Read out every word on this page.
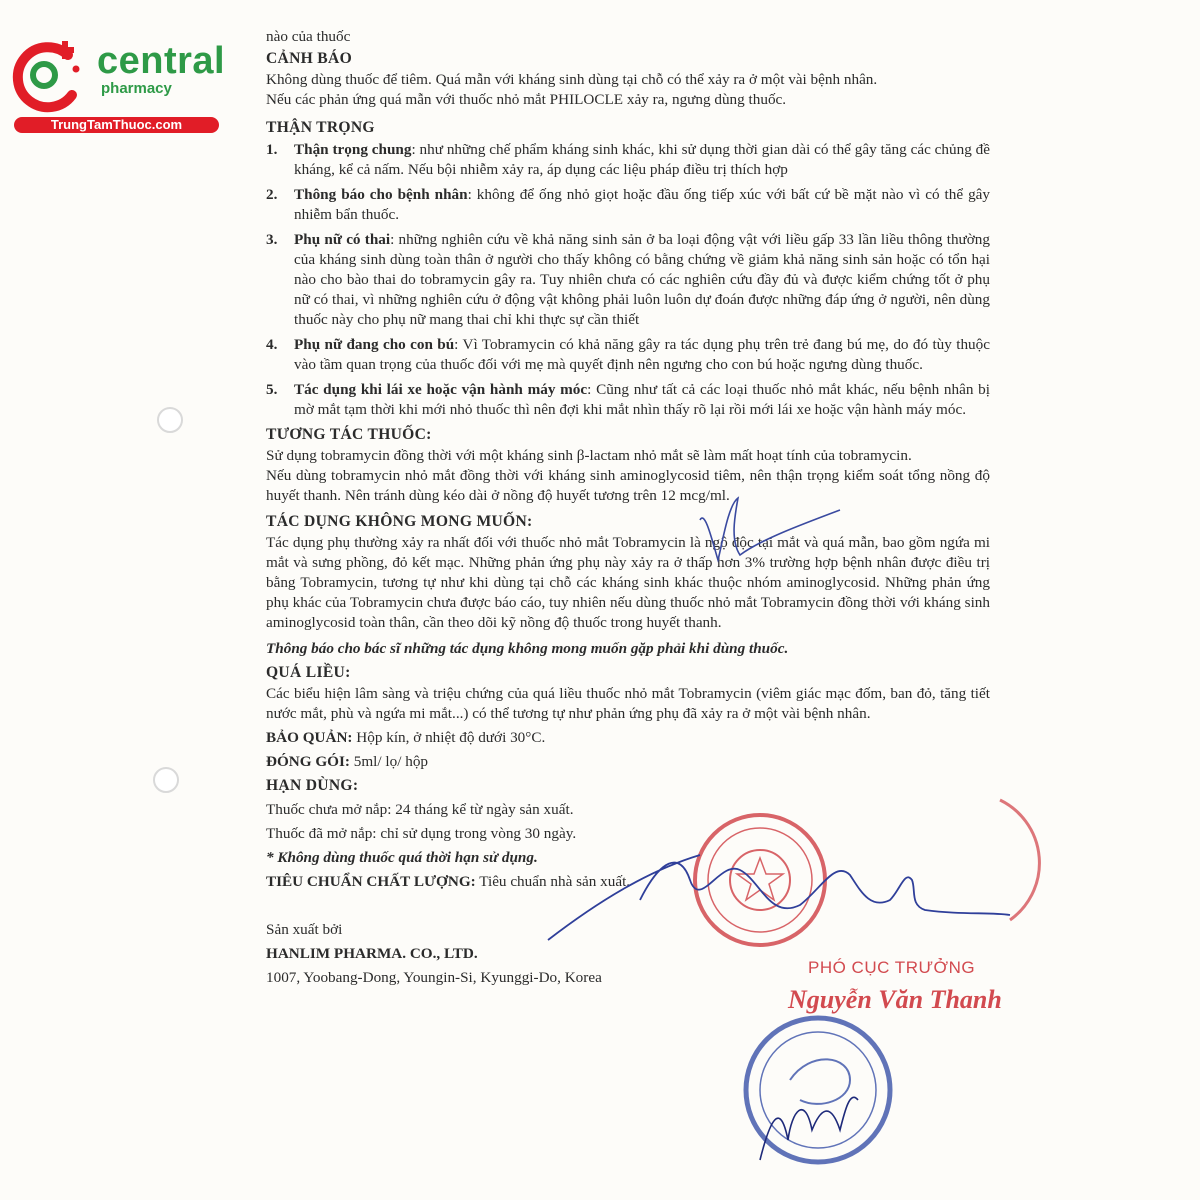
central
pharmacy
TrungTamThuoc.com

nào của thuốc

CẢNH BÁO

Không dùng thuốc để tiêm. Quá mẫn với kháng sinh dùng tại chỗ có thể xảy ra ở một vài bệnh nhân.

Nếu các phản ứng quá mẫn với thuốc nhỏ mắt PHILOCLE xảy ra, ngưng dùng thuốc.

THẬN TRỌNG
1. Thận trọng chung: như những chế phẩm kháng sinh khác, khi sử dụng thời gian dài có thể gây tăng các chủng đề kháng, kể cả nấm. Nếu bội nhiễm xảy ra, áp dụng các liệu pháp điều trị thích hợp
2. Thông báo cho bệnh nhân: không để ống nhỏ giọt hoặc đầu ống tiếp xúc với bất cứ bề mặt nào vì có thể gây nhiễm bẩn thuốc.
3. Phụ nữ có thai: những nghiên cứu về khả năng sinh sản ở ba loại động vật với liều gấp 33 lần liều thông thường của kháng sinh dùng toàn thân ở người cho thấy không có bằng chứng về giảm khả năng sinh sản hoặc có tổn hại nào cho bào thai do tobramycin gây ra. Tuy nhiên chưa có các nghiên cứu đầy đủ và được kiểm chứng tốt ở phụ nữ có thai, vì những nghiên cứu ở động vật không phải luôn luôn dự đoán được những đáp ứng ở người, nên dùng thuốc này cho phụ nữ mang thai chỉ khi thực sự cần thiết
4. Phụ nữ đang cho con bú: Vì Tobramycin có khả năng gây ra tác dụng phụ trên trẻ đang bú mẹ, do đó tùy thuộc vào tầm quan trọng của thuốc đối với mẹ mà quyết định nên ngưng cho con bú hoặc ngưng dùng thuốc.
5. Tác dụng khi lái xe hoặc vận hành máy móc: Cũng như tất cả các loại thuốc nhỏ mắt khác, nếu bệnh nhân bị mờ mắt tạm thời khi mới nhỏ thuốc thì nên đợi khi mắt nhìn thấy rõ lại rồi mới lái xe hoặc vận hành máy móc.
TƯƠNG TÁC THUỐC:

Sử dụng tobramycin đồng thời với một kháng sinh β-lactam nhỏ mắt sẽ làm mất hoạt tính của tobramycin.

Nếu dùng tobramycin nhỏ mắt đồng thời với kháng sinh aminoglycosid tiêm, nên thận trọng kiểm soát tổng nồng độ huyết thanh. Nên tránh dùng kéo dài ở nồng độ huyết tương trên 12 mcg/ml.

TÁC DỤNG KHÔNG MONG MUỐN:

Tác dụng phụ thường xảy ra nhất đối với thuốc nhỏ mắt Tobramycin là ngộ độc tại mắt và quá mẫn, bao gồm ngứa mi mắt và sưng phồng, đỏ kết mạc. Những phản ứng phụ này xảy ra ở thấp hơn 3% trường hợp bệnh nhân được điều trị bằng Tobramycin, tương tự như khi dùng tại chỗ các kháng sinh khác thuộc nhóm aminoglycosid. Những phản ứng phụ khác của Tobramycin chưa được báo cáo, tuy nhiên nếu dùng thuốc nhỏ mắt Tobramycin đồng thời với kháng sinh aminoglycosid toàn thân, cần theo dõi kỹ nồng độ thuốc trong huyết thanh.

Thông báo cho bác sĩ những tác dụng không mong muốn gặp phải khi dùng thuốc.

QUÁ LIỀU:

Các biểu hiện lâm sàng và triệu chứng của quá liều thuốc nhỏ mắt Tobramycin (viêm giác mạc đốm, ban đỏ, tăng tiết nước mắt, phù và ngứa mi mắt...) có thể tương tự như phản ứng phụ đã xảy ra ở một vài bệnh nhân.

BẢO QUẢN: Hộp kín, ở nhiệt độ dưới 30°C.
ĐÓNG GÓI: 5ml/ lọ/ hộp
HẠN DÙNG:
Thuốc chưa mở nắp: 24 tháng kể từ ngày sản xuất.
Thuốc đã mở nắp: chỉ sử dụng trong vòng 30 ngày.
* Không dùng thuốc quá thời hạn sử dụng.
TIÊU CHUẨN CHẤT LƯỢNG: Tiêu chuẩn nhà sản xuất.
Sản xuất bởi
HANLIM PHARMA. CO., LTD.
1007, Yoobang-Dong, Youngin-Si, Kyunggi-Do, Korea
PHÓ CỤC TRƯỞNG
Nguyễn Văn Thanh
